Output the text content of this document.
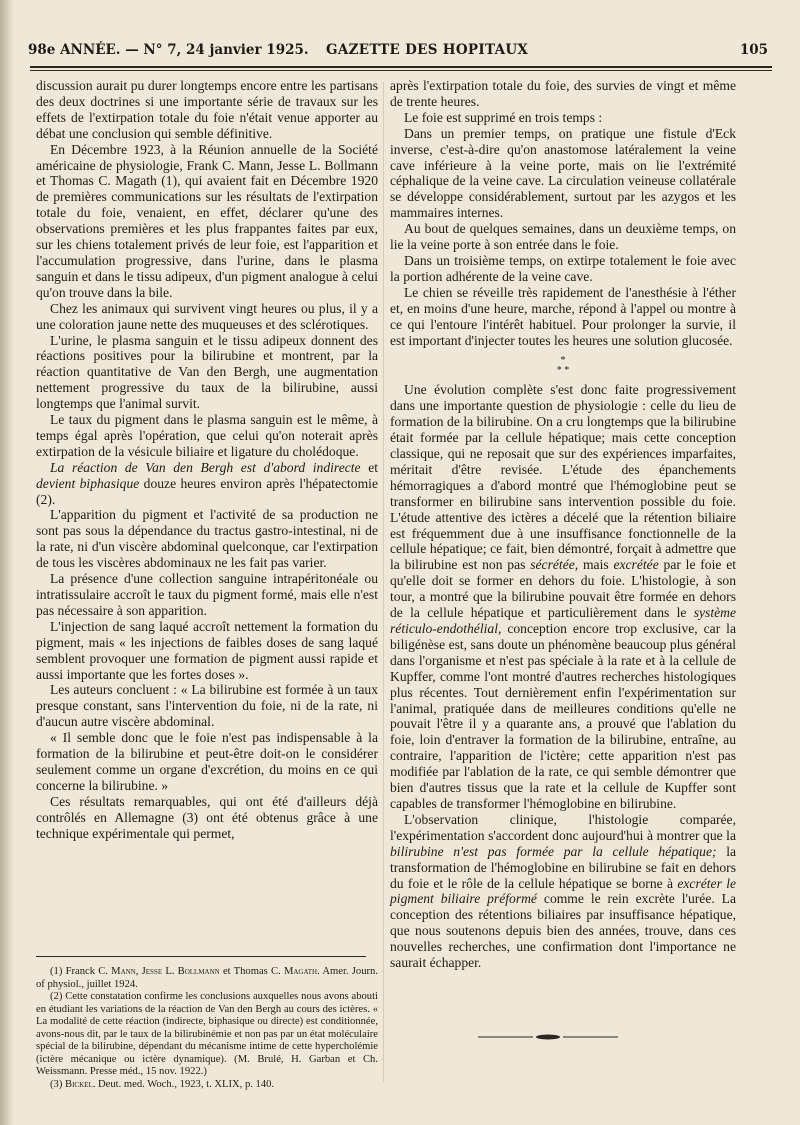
98e ANNÉE. — N° 7, 24 janvier 1925. GAZETTE DES HOPITAUX	105

discussion aurait pu durer longtemps encore entre les partisans des deux doctrines si une importante série de travaux sur les effets de l'extirpation totale du foie n'était venue apporter au débat une conclusion qui semble définitive.

En Décembre 1923, à la Réunion annuelle de la Société américaine de physiologie, Frank C. Mann, Jesse L. Bollmann et Thomas C. Magath (1), qui avaient fait en Décembre 1920 de premières communications sur les résultats de l'extirpation totale du foie, venaient, en effet, déclarer qu'une des observations premières et les plus frappantes faites par eux, sur les chiens totalement privés de leur foie, est l'apparition et l'accumulation progressive, dans l'urine, dans le plasma sanguin et dans le tissu adipeux, d'un pigment analogue à celui qu'on trouve dans la bile.

Chez les animaux qui survivent vingt heures ou plus, il y a une coloration jaune nette des muqueuses et des sclérotiques.

L'urine, le plasma sanguin et le tissu adipeux donnent des réactions positives pour la bilirubine et montrent, par la réaction quantitative de Van den Bergh, une augmentation nettement progressive du taux de la bilirubine, aussi longtemps que l'animal survit.

Le taux du pigment dans le plasma sanguin est le même, à temps égal après l'opération, que celui qu'on noterait après extirpation de la vésicule biliaire et ligature du cholédoque.

La réaction de Van den Bergh est d'abord indirecte et devient biphasique douze heures environ après l'hépatectomie (2).

L'apparition du pigment et l'activité de sa production ne sont pas sous la dépendance du tractus gastro-intestinal, ni de la rate, ni d'un viscère abdominal quelconque, car l'extirpation de tous les viscères abdominaux ne les fait pas varier.

La présence d'une collection sanguine intrapéritonéale ou intratissulaire accroît le taux du pigment formé, mais elle n'est pas nécessaire à son apparition.

L'injection de sang laqué accroît nettement la formation du pigment, mais « les injections de faibles doses de sang laqué semblent provoquer une formation de pigment aussi rapide et aussi importante que les fortes doses ».

Les auteurs concluent : « La bilirubine est formée à un taux presque constant, sans l'intervention du foie, ni de la rate, ni d'aucun autre viscère abdominal.

« Il semble donc que le foie n'est pas indispensable à la formation de la bilirubine et peut-être doit-on le considérer seulement comme un organe d'excrétion, du moins en ce qui concerne la bilirubine. »

Ces résultats remarquables, qui ont été d'ailleurs déjà contrôlés en Allemagne (3) ont été obtenus grâce à une technique expérimentale qui permet,

(1) Franck C. Mann, Jesse L. Bollmann et Thomas C. Magath. Amer. Journ. of physiol., juillet 1924.

(2) Cette constatation confirme les conclusions auxquelles nous avons abouti en étudiant les variations de la réaction de Van den Bergh au cours des ictères. « La modalité de cette réaction (indirecte, biphasique ou directe) est conditionnée, avons-nous dit, par le taux de la bilirubinémie et non pas par un état moléculaire spécial de la bilirubine, dépendant du mécanisme intime de cette hypercholémie (ictère mécanique ou ictère dynamique). (M. Brulé, H. Garban et Ch. Weissmann. Presse méd., 15 nov. 1922.)

(3) Bickel. Deut. med. Woch., 1923, t. XLIX, p. 140.

après l'extirpation totale du foie, des survies de vingt et même de trente heures.

Le foie est supprimé en trois temps :

Dans un premier temps, on pratique une fistule d'Eck inverse, c'est-à-dire qu'on anastomose latéralement la veine cave inférieure à la veine porte, mais on lie l'extrémité céphalique de la veine cave. La circulation veineuse collatérale se développe considérablement, surtout par les azygos et les mammaires internes.

Au bout de quelques semaines, dans un deuxième temps, on lie la veine porte à son entrée dans le foie.

Dans un troisième temps, on extirpe totalement le foie avec la portion adhérente de la veine cave.

Le chien se réveille très rapidement de l'anesthésie à l'éther et, en moins d'une heure, marche, répond à l'appel ou montre à ce qui l'entoure l'intérêt habituel. Pour prolonger la survie, il est important d'injecter toutes les heures une solution glucosée.

*
* *

Une évolution complète s'est donc faite progressivement dans une importante question de physiologie : celle du lieu de formation de la bilirubine. On a cru longtemps que la bilirubine était formée par la cellule hépatique; mais cette conception classique, qui ne reposait que sur des expériences imparfaites, méritait d'être revisée. L'étude des épanchements hémorragiques a d'abord montré que l'hémoglobine peut se transformer en bilirubine sans intervention possible du foie. L'étude attentive des ictères a décelé que la rétention biliaire est fréquemment due à une insuffisance fonctionnelle de la cellule hépatique; ce fait, bien démontré, forçait à admettre que la bilirubine est non pas sécrétée, mais excrétée par le foie et qu'elle doit se former en dehors du foie. L'histologie, à son tour, a montré que la bilirubine pouvait être formée en dehors de la cellule hépatique et particulièrement dans le système réticulo-endothélial, conception encore trop exclusive, car la biligénèse est, sans doute un phénomène beaucoup plus général dans l'organisme et n'est pas spéciale à la rate et à la cellule de Kupffer, comme l'ont montré d'autres recherches histologiques plus récentes. Tout dernièrement enfin l'expérimentation sur l'animal, pratiquée dans de meilleures conditions qu'elle ne pouvait l'être il y a quarante ans, a prouvé que l'ablation du foie, loin d'entraver la formation de la bilirubine, entraîne, au contraire, l'apparition de l'ictère; cette apparition n'est pas modifiée par l'ablation de la rate, ce qui semble démontrer que bien d'autres tissus que la rate et la cellule de Kupffer sont capables de transformer l'hémoglobine en bilirubine.

L'observation clinique, l'histologie comparée, l'expérimentation s'accordent donc aujourd'hui à montrer que la bilirubine n'est pas formée par la cellule hépatique; la transformation de l'hémoglobine en bilirubine se fait en dehors du foie et le rôle de la cellule hépatique se borne à excréter le pigment biliaire préformé comme le rein excrète l'urée. La conception des rétentions biliaires par insuffisance hépatique, que nous soutenons depuis bien des années, trouve, dans ces nouvelles recherches, une confirmation dont l'importance ne saurait échapper.
